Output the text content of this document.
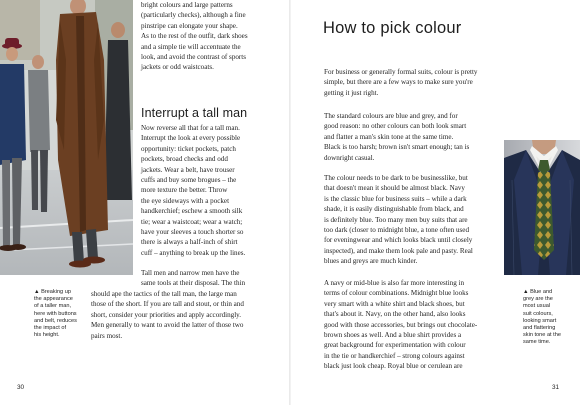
bright colours and large patterns

(particularly checks), although a fine

pinstripe can elongate your shape.

As to the rest of the outfit, dark shoes

and a simple tie will accentuate the

look, and avoid the contrast of sports

jackets or odd waistcoats.

Interrupt a tall man

Now reverse all that for a tall man.

Interrupt the look at every possible

opportunity: ticket pockets, patch

pockets, broad checks and odd

jackets. Wear a belt, have trouser

cuffs and buy some brogues – the

more texture the better. Throw

the eye sideways with a pocket

handkerchief; eschew a smooth silk

tie; wear a waistcoat; wear a watch;

have your sleeves a touch shorter so

there is always a half-inch of shirt

cuff – anything to break up the lines.

Tall men and narrow men have the

same tools at their disposal. The thin

should ape the tactics of the tall man, the large man

those of the short. If you are tall and stout, or thin and

short, consider your priorities and apply accordingly.

Men generally to want to avoid the latter of those two

pairs most.

▲ Breaking up
the appearance
of a taller man,
here with buttons
and belt, reduces
the impact of
his height.
30
How to pick colour

For business or generally formal suits, colour is pretty

simple, but there are a few ways to make sure you're

getting it just right.

The standard colours are blue and grey, and for

good reason: no other colours can both look smart

and flatter a man's skin tone at the same time.

Black is too harsh; brown isn't smart enough; tan is

downright casual.

The colour needs to be dark to be businesslike, but

that doesn't mean it should be almost black. Navy

is the classic blue for business suits – while a dark

shade, it is easily distinguishable from black, and

is definitely blue. Too many men buy suits that are

too dark (closer to midnight blue, a tone often used

for eveningwear and which looks black until closely

inspected), and make them look pale and pasty. Real

blues and greys are much kinder.

A navy or mid-blue is also far more interesting in

terms of colour combinations. Midnight blue looks

very smart with a white shirt and black shoes, but

that's about it. Navy, on the other hand, also looks

good with those accessories, but brings out chocolate-

brown shoes as well. And a blue shirt provides a

great background for experimentation with colour

in the tie or handkerchief – strong colours against

black just look cheap. Royal blue or cerulean are

▲ Blue and
grey are the
most usual
suit colours,
looking smart
and flattering
skin tone at the
same time.
31
